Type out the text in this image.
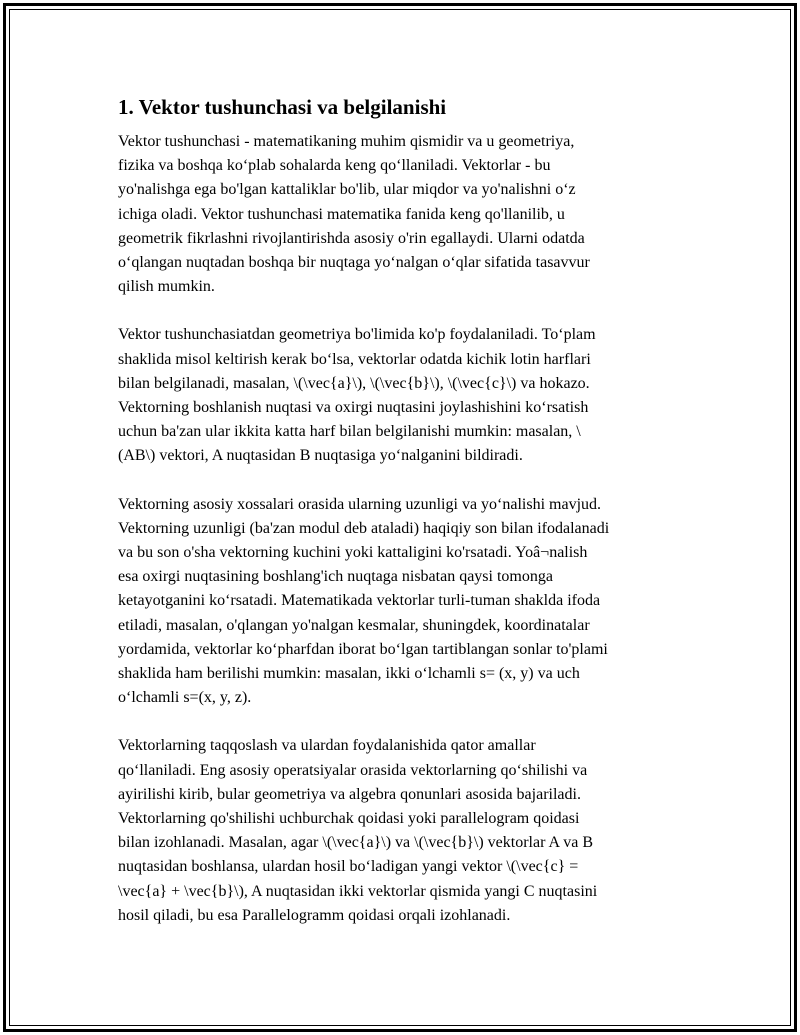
1. Vektor tushunchasi va belgilanishi

Vektor tushunchasi - matematikaning muhim qismidir va u geometriya,
fizika va boshqa koʻplab sohalarda keng qoʻllaniladi. Vektorlar - bu
yo'nalishga ega bo'lgan kattaliklar bo'lib, ular miqdor va yo'nalishni oʻz
ichiga oladi. Vektor tushunchasi matematika fanida keng qo'llanilib, u
geometrik fikrlashni rivojlantirishda asosiy o'rin egallaydi. Ularni odatda
oʻqlangan nuqtadan boshqa bir nuqtaga yoʻnalgan oʻqlar sifatida tasavvur
qilish mumkin.

Vektor tushunchasiatdan geometriya bo'limida ko'p foydalaniladi. Toʻplam
shaklida misol keltirish kerak boʻlsa, vektorlar odatda kichik lotin harflari
bilan belgilanadi, masalan, \(\vec{a}\), \(\vec{b}\), \(\vec{c}\) va hokazo.
Vektorning boshlanish nuqtasi va oxirgi nuqtasini joylashishini koʻrsatish
uchun ba'zan ular ikkita katta harf bilan belgilanishi mumkin: masalan, \
(AB\) vektori, A nuqtasidan B nuqtasiga yoʻnalganini bildiradi.

Vektorning asosiy xossalari orasida ularning uzunligi va yoʻnalishi mavjud.
Vektorning uzunligi (ba'zan modul deb ataladi) haqiqiy son bilan ifodalanadi
va bu son o'sha vektorning kuchini yoki kattaligini ko'rsatadi. Yoâ¬nalish
esa oxirgi nuqtasining boshlang'ich nuqtaga nisbatan qaysi tomonga
ketayotganini koʻrsatadi. Matematikada vektorlar turli-tuman shaklda ifoda
etiladi, masalan, o'qlangan yo'nalgan kesmalar, shuningdek, koordinatalar
yordamida, vektorlar koʻpharfdan iborat boʻlgan tartiblangan sonlar to'plami
shaklida ham berilishi mumkin: masalan, ikki oʻlchamli s= (x, y) va uch
oʻlchamli s=(x, y, z).

Vektorlarning taqqoslash va ulardan foydalanishida qator amallar
qoʻllaniladi. Eng asosiy operatsiyalar orasida vektorlarning qoʻshilishi va
ayirilishi kirib, bular geometriya va algebra qonunlari asosida bajariladi.
Vektorlarning qo'shilishi uchburchak qoidasi yoki parallelogram qoidasi
bilan izohlanadi. Masalan, agar \(\vec{a}\) va \(\vec{b}\) vektorlar A va B
nuqtasidan boshlansa, ulardan hosil boʻladigan yangi vektor \(\vec{c} =
\vec{a} + \vec{b}\), A nuqtasidan ikki vektorlar qismida yangi C nuqtasini
hosil qiladi, bu esa Parallelogramm qoidasi orqali izohlanadi.
